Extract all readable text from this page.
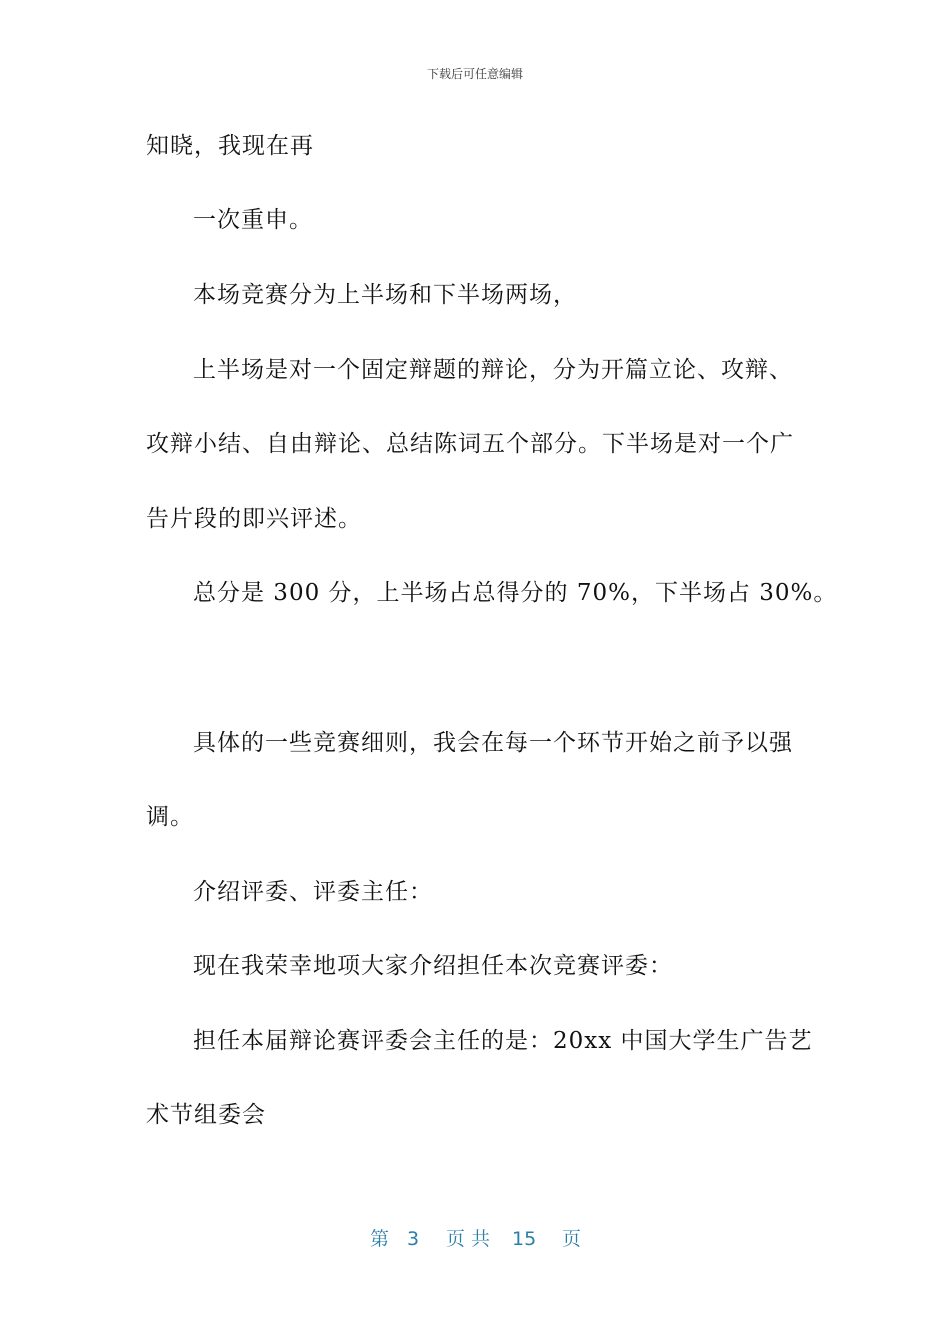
下载后可任意编辑
知晓，我现在再
一次重申。
本场竞赛分为上半场和下半场两场，
上半场是对一个固定辩题的辩论，分为开篇立论、攻辩、
攻辩小结、自由辩论、总结陈词五个部分。下半场是对一个广
告片段的即兴评述。
总分是 300 分，上半场占总得分的 70%，下半场占 30%。
具体的一些竞赛细则，我会在每一个环节开始之前予以强
调。
介绍评委、评委主任：
现在我荣幸地项大家介绍担任本次竞赛评委：
担任本届辩论赛评委会主任的是：20xx 中国大学生广告艺
术节组委会
第 3 页 共 15 页
